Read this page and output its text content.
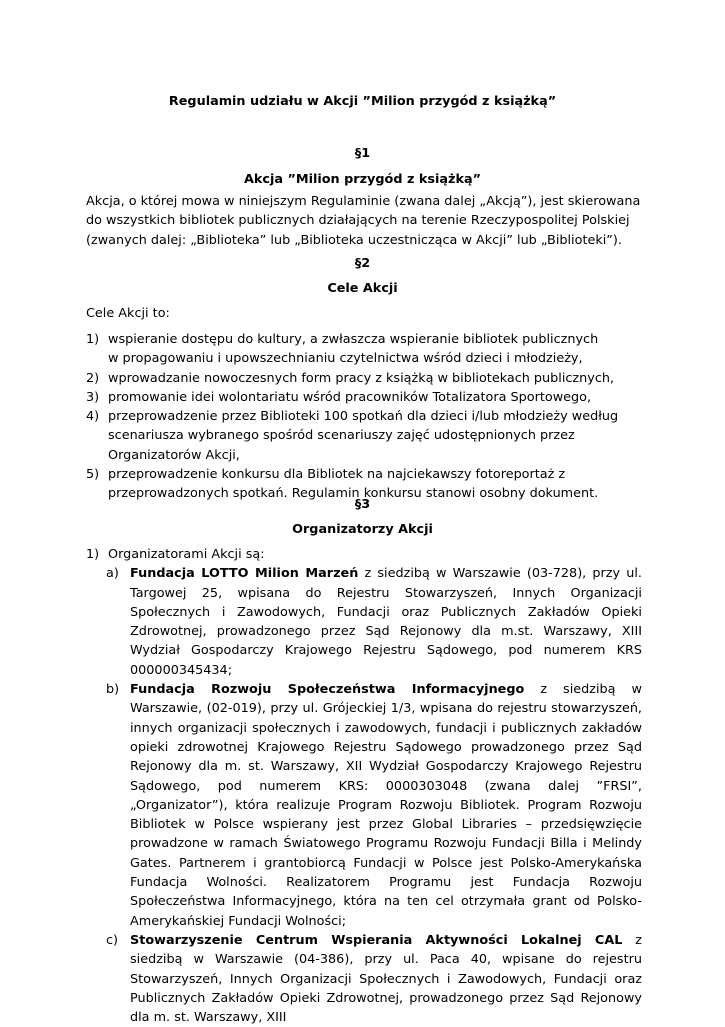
Regulamin udziału w Akcji ”Milion przygód z książką”
§1
Akcja ”Milion przygód z książką”
Akcja, o której mowa w niniejszym Regulaminie (zwana dalej „Akcją”), jest skierowana do wszystkich bibliotek publicznych działających na terenie Rzeczypospolitej Polskiej (zwanych dalej: „Biblioteka” lub „Biblioteka uczestnicząca w Akcji” lub „Biblioteki”).
§2
Cele Akcji
Cele Akcji to:
1) wspieranie dostępu do kultury, a zwłaszcza wspieranie bibliotek publicznych
w propagowaniu i upowszechnianiu czytelnictwa wśród dzieci i młodzieży,
2) wprowadzanie nowoczesnych form pracy z książką w bibliotekach publicznych,
3) promowanie idei wolontariatu wśród pracowników Totalizatora Sportowego,
4) przeprowadzenie przez Biblioteki 100 spotkań dla dzieci i/lub młodzieży według scenariusza wybranego spośród scenariuszy zajęć udostępnionych przez Organizatorów Akcji,
5) przeprowadzenie konkursu dla Bibliotek na najciekawszy fotoreportaż z przeprowadzonych spotkań. Regulamin konkursu stanowi osobny dokument.
§3
Organizatorzy Akcji
1) Organizatorami Akcji są:
a) Fundacja LOTTO Milion Marzeń z siedzibą w Warszawie (03-728), przy ul. Targowej 25, wpisana do Rejestru Stowarzyszeń, Innych Organizacji Społecznych i Zawodowych, Fundacji oraz Publicznych Zakładów Opieki Zdrowotnej, prowadzonego przez Sąd Rejonowy dla m.st. Warszawy, XIII Wydział Gospodarczy Krajowego Rejestru Sądowego, pod numerem KRS 000000345434;
b) Fundacja Rozwoju Społeczeństwa Informacyjnego z siedzibą w Warszawie, (02-019), przy ul. Grójeckiej 1/3, wpisana do rejestru stowarzyszeń, innych organizacji społecznych i zawodowych, fundacji i publicznych zakładów opieki zdrowotnej Krajowego Rejestru Sądowego prowadzonego przez Sąd Rejonowy dla m. st. Warszawy, XII Wydział Gospodarczy Krajowego Rejestru Sądowego, pod numerem KRS: 0000303048 (zwana dalej ”FRSI”, „Organizator”), która realizuje Program Rozwoju Bibliotek. Program Rozwoju Bibliotek w Polsce wspierany jest przez Global Libraries – przedsięwzięcie prowadzone w ramach Światowego Programu Rozwoju Fundacji Billa i Melindy Gates. Partnerem i grantobiorcą Fundacji w Polsce jest Polsko-Amerykańska Fundacja Wolności. Realizatorem Programu jest Fundacja Rozwoju Społeczeństwa Informacyjnego, która na ten cel otrzymała grant od Polsko-Amerykańskiej Fundacji Wolności;
c) Stowarzyszenie Centrum Wspierania Aktywności Lokalnej CAL z siedzibą w Warszawie (04-386), przy ul. Paca 40, wpisane do rejestru Stowarzyszeń, Innych Organizacji Społecznych i Zawodowych, Fundacji oraz Publicznych Zakładów Opieki Zdrowotnej, prowadzonego przez Sąd Rejonowy dla m. st. Warszawy, XIII
